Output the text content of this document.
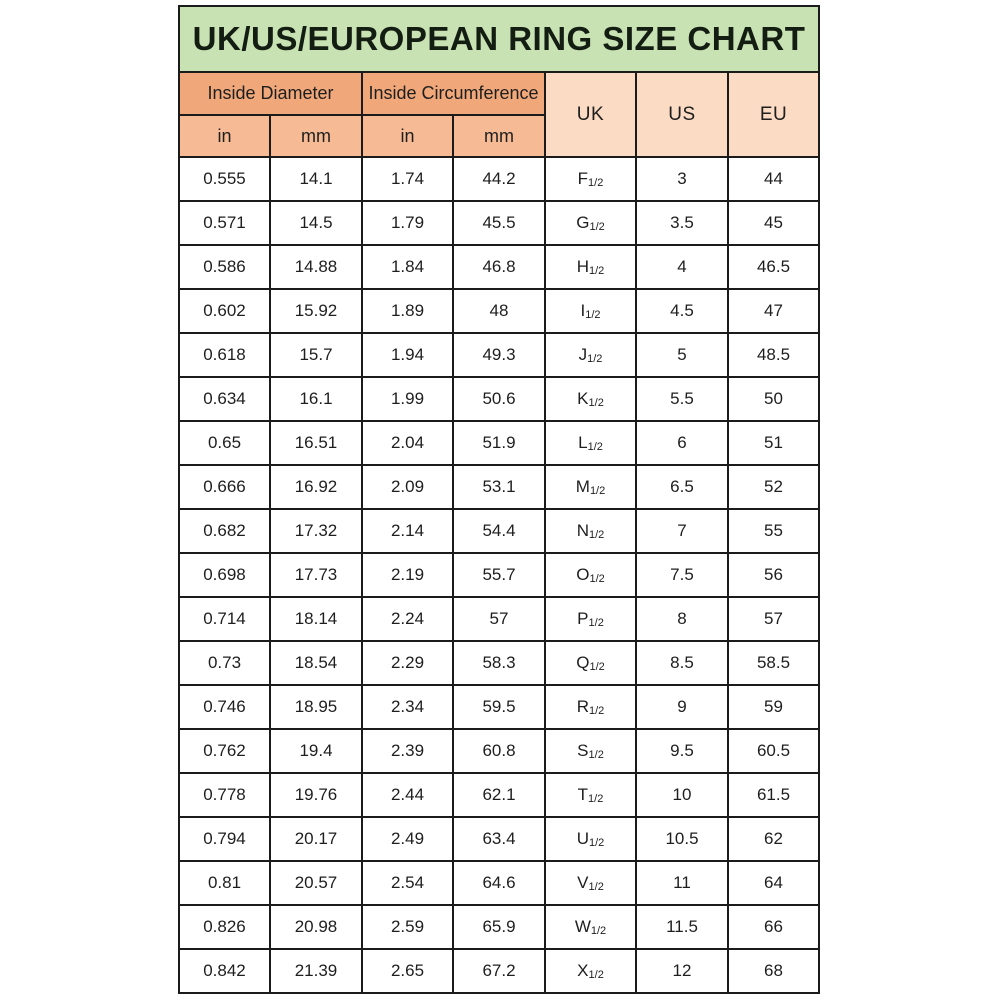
UK/US/EUROPEAN RING SIZE CHART						
Inside Diameter		Inside Circumference		UK	US	EU
in	mm	in	mm			
0.555	14.1	1.74	44.2	F1/2	3	44
0.571	14.5	1.79	45.5	G1/2	3.5	45
0.586	14.88	1.84	46.8	H1/2	4	46.5
0.602	15.92	1.89	48	I1/2	4.5	47
0.618	15.7	1.94	49.3	J1/2	5	48.5
0.634	16.1	1.99	50.6	K1/2	5.5	50
0.65	16.51	2.04	51.9	L1/2	6	51
0.666	16.92	2.09	53.1	M1/2	6.5	52
0.682	17.32	2.14	54.4	N1/2	7	55
0.698	17.73	2.19	55.7	O1/2	7.5	56
0.714	18.14	2.24	57	P1/2	8	57
0.73	18.54	2.29	58.3	Q1/2	8.5	58.5
0.746	18.95	2.34	59.5	R1/2	9	59
0.762	19.4	2.39	60.8	S1/2	9.5	60.5
0.778	19.76	2.44	62.1	T1/2	10	61.5
0.794	20.17	2.49	63.4	U1/2	10.5	62
0.81	20.57	2.54	64.6	V1/2	11	64
0.826	20.98	2.59	65.9	W1/2	11.5	66
0.842	21.39	2.65	67.2	X1/2	12	68
